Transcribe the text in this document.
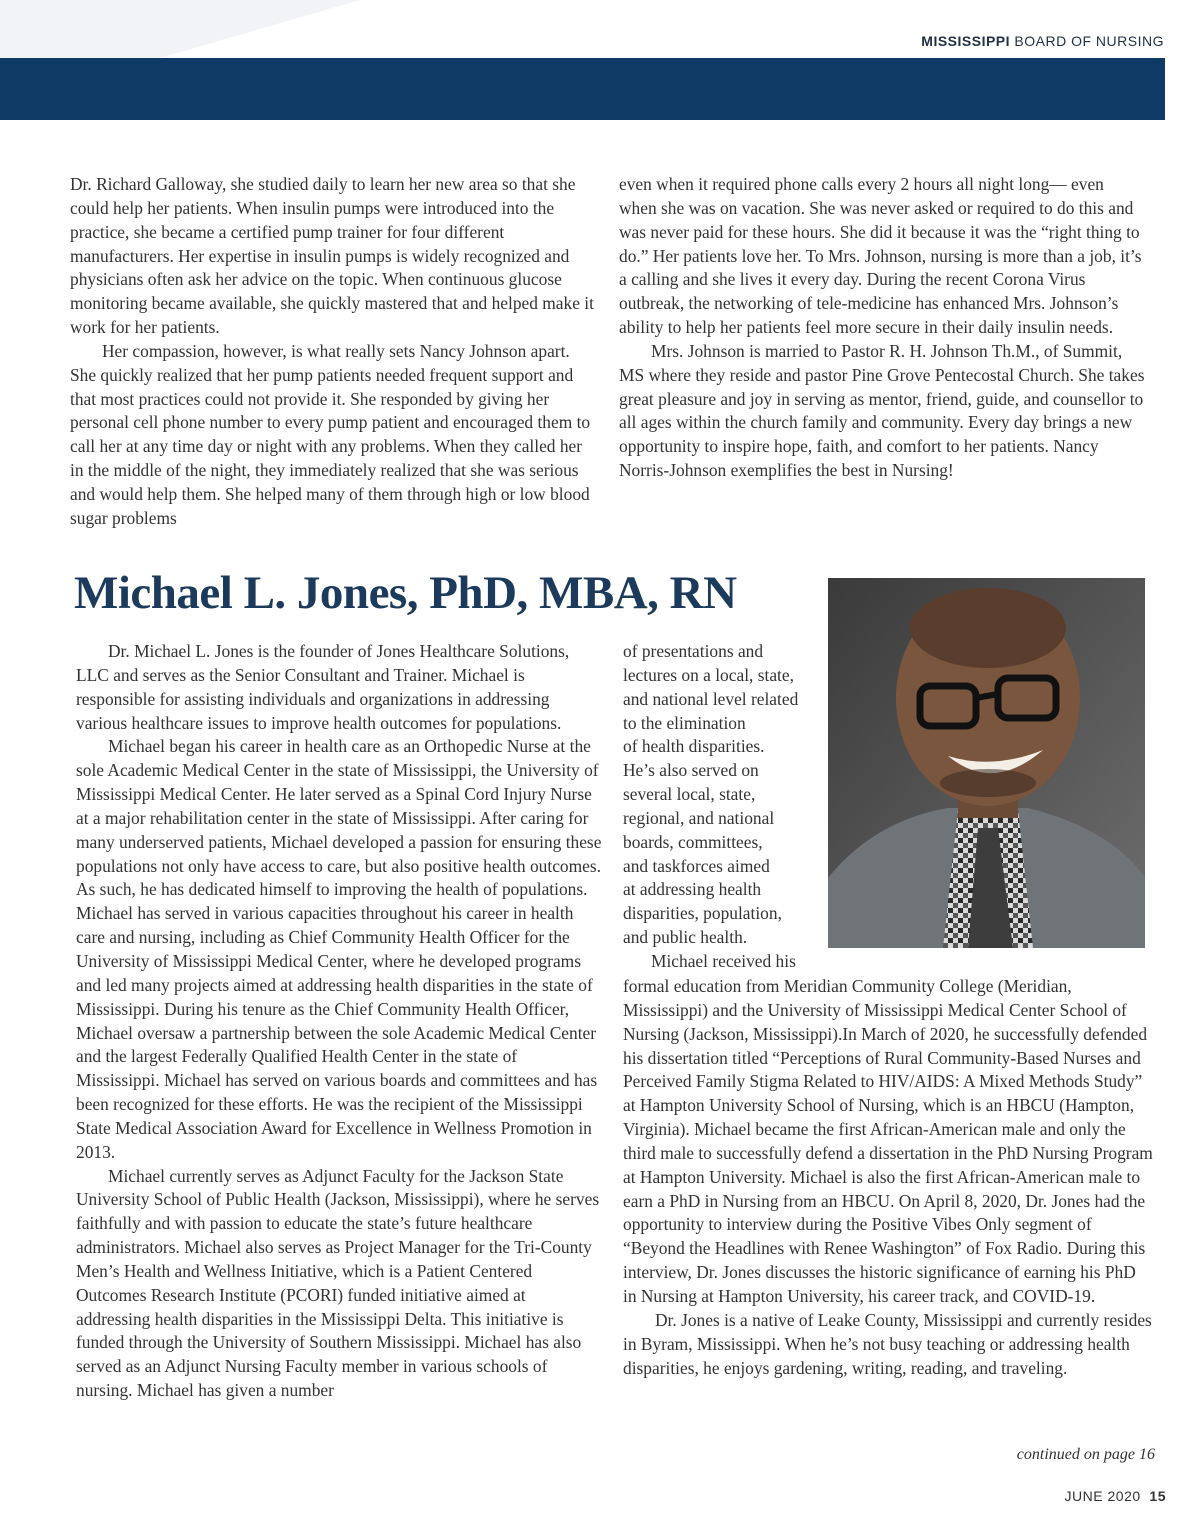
MISSISSIPPI BOARD OF NURSING

Dr. Richard Galloway, she studied daily to learn her new area so that she could help her patients. When insulin pumps were introduced into the practice, she became a certified pump trainer for four different manufacturers. Her expertise in insulin pumps is widely recognized and physicians often ask her advice on the topic. When continuous glucose monitoring became available, she quickly mastered that and helped make it work for her patients.

Her compassion, however, is what really sets Nancy Johnson apart. She quickly realized that her pump patients needed frequent support and that most practices could not provide it. She responded by giving her personal cell phone number to every pump patient and encouraged them to call her at any time day or night with any problems. When they called her in the middle of the night, they immediately realized that she was serious and would help them. She helped many of them through high or low blood sugar problems

even when it required phone calls every 2 hours all night long— even when she was on vacation. She was never asked or required to do this and was never paid for these hours. She did it because it was the “right thing to do.” Her patients love her. To Mrs. Johnson, nursing is more than a job, it’s a calling and she lives it every day. During the recent Corona Virus outbreak, the networking of tele-medicine has enhanced Mrs. Johnson’s ability to help her patients feel more secure in their daily insulin needs.

Mrs. Johnson is married to Pastor R. H. Johnson Th.M., of Summit, MS where they reside and pastor Pine Grove Pentecostal Church. She takes great pleasure and joy in serving as mentor, friend, guide, and counsellor to all ages within the church family and community. Every day brings a new opportunity to inspire hope, faith, and comfort to her patients. Nancy Norris-Johnson exemplifies the best in Nursing!

Michael L. Jones, PhD, MBA, RN

Dr. Michael L. Jones is the founder of Jones Healthcare Solutions, LLC and serves as the Senior Consultant and Trainer. Michael is responsible for assisting individuals and organizations in addressing various healthcare issues to improve health outcomes for populations.

Michael began his career in health care as an Orthopedic Nurse at the sole Academic Medical Center in the state of Mississippi, the University of Mississippi Medical Center. He later served as a Spinal Cord Injury Nurse at a major rehabilitation center in the state of Mississippi. After caring for many underserved patients, Michael developed a passion for ensuring these populations not only have access to care, but also positive health outcomes. As such, he has dedicated himself to improving the health of populations. Michael has served in various capacities throughout his career in health care and nursing, including as Chief Community Health Officer for the University of Mississippi Medical Center, where he developed programs and led many projects aimed at addressing health disparities in the state of Mississippi. During his tenure as the Chief Community Health Officer, Michael oversaw a partnership between the sole Academic Medical Center and the largest Federally Qualified Health Center in the state of Mississippi. Michael has served on various boards and committees and has been recognized for these efforts. He was the recipient of the Mississippi State Medical Association Award for Excellence in Wellness Promotion in 2013.

Michael currently serves as Adjunct Faculty for the Jackson State University School of Public Health (Jackson, Mississippi), where he serves faithfully and with passion to educate the state’s future healthcare administrators. Michael also serves as Project Manager for the Tri-County Men’s Health and Wellness Initiative, which is a Patient Centered Outcomes Research Institute (PCORI) funded initiative aimed at addressing health disparities in the Mississippi Delta. This initiative is funded through the University of Southern Mississippi. Michael has also served as an Adjunct Nursing Faculty member in various schools of nursing. Michael has given a number

of presentations and
lectures on a local, state,
and national level related
to the elimination
of health disparities.
He’s also served on
several local, state,
regional, and national
boards, committees,
and taskforces aimed
at addressing health
disparities, population,
and public health.
Michael received his

formal education from Meridian Community College (Meridian, Mississippi) and the University of Mississippi Medical Center School of Nursing (Jackson, Mississippi).In March of 2020, he successfully defended his dissertation titled “Perceptions of Rural Community-Based Nurses and Perceived Family Stigma Related to HIV/AIDS: A Mixed Methods Study” at Hampton University School of Nursing, which is an HBCU (Hampton, Virginia). Michael became the first African-American male and only the third male to successfully defend a dissertation in the PhD Nursing Program at Hampton University. Michael is also the first African-American male to earn a PhD in Nursing from an HBCU. On April 8, 2020, Dr. Jones had the opportunity to interview during the Positive Vibes Only segment of “Beyond the Headlines with Renee Washington” of Fox Radio. During this interview, Dr. Jones discusses the historic significance of earning his PhD in Nursing at Hampton University, his career track, and COVID-19.

Dr. Jones is a native of Leake County, Mississippi and currently resides in Byram, Mississippi. When he’s not busy teaching or addressing health disparities, he enjoys gardening, writing, reading, and traveling.

continued on page 16

JUNE 2020 15
